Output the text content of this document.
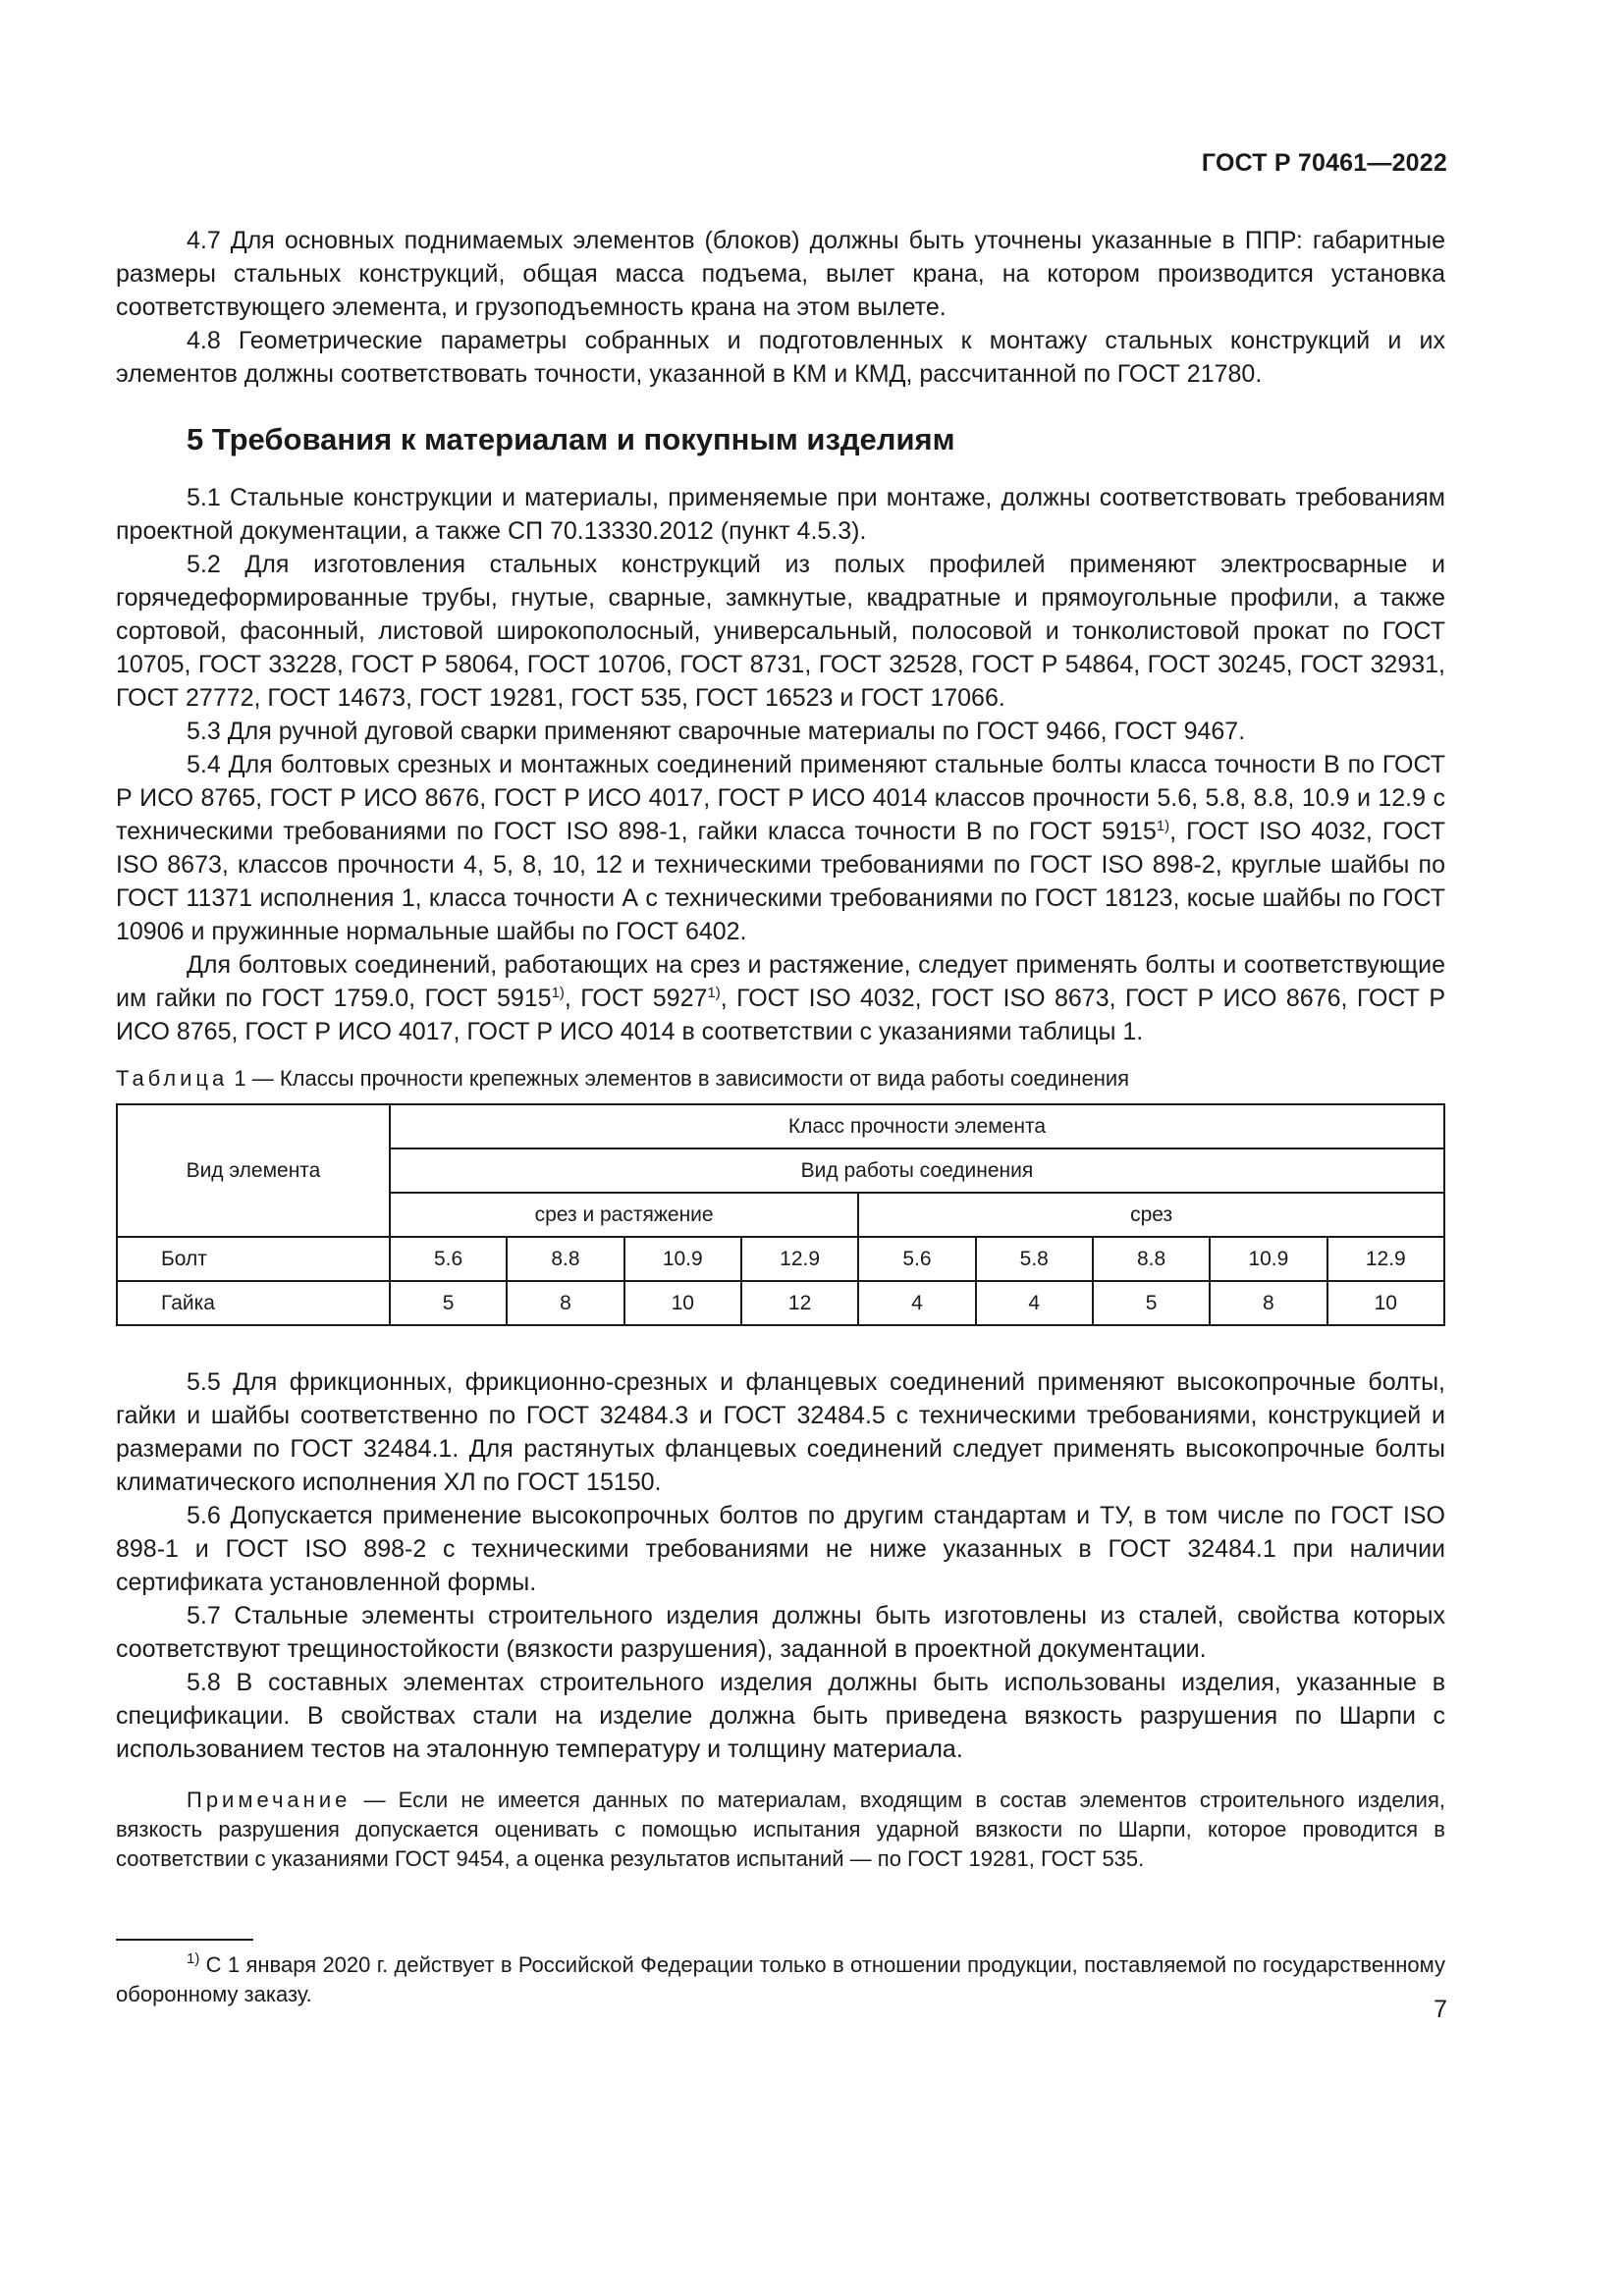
ГОСТ Р 70461—2022

4.7 Для основных поднимаемых элементов (блоков) должны быть уточнены указанные в ППР: габаритные размеры стальных конструкций, общая масса подъема, вылет крана, на котором производится установка соответствующего элемента, и грузоподъемность крана на этом вылете.

4.8 Геометрические параметры собранных и подготовленных к монтажу стальных конструкций и их элементов должны соответствовать точности, указанной в КМ и КМД, рассчитанной по ГОСТ 21780.

5 Требования к материалам и покупным изделиям

5.1 Стальные конструкции и материалы, применяемые при монтаже, должны соответствовать требованиям проектной документации, а также СП 70.13330.2012 (пункт 4.5.3).

5.2 Для изготовления стальных конструкций из полых профилей применяют электросварные и горячедеформированные трубы, гнутые, сварные, замкнутые, квадратные и прямоугольные профили, а также сортовой, фасонный, листовой широкополосный, универсальный, полосовой и тонколистовой прокат по ГОСТ 10705, ГОСТ 33228, ГОСТ Р 58064, ГОСТ 10706, ГОСТ 8731, ГОСТ 32528, ГОСТ Р 54864, ГОСТ 30245, ГОСТ 32931, ГОСТ 27772, ГОСТ 14673, ГОСТ 19281, ГОСТ 535, ГОСТ 16523 и ГОСТ 17066.

5.3 Для ручной дуговой сварки применяют сварочные материалы по ГОСТ 9466, ГОСТ 9467.

5.4 Для болтовых срезных и монтажных соединений применяют стальные болты класса точности В по ГОСТ Р ИСО 8765, ГОСТ Р ИСО 8676, ГОСТ Р ИСО 4017, ГОСТ Р ИСО 4014 классов прочности 5.6, 5.8, 8.8, 10.9 и 12.9 с техническими требованиями по ГОСТ ISO 898-1, гайки класса точности В по ГОСТ 5915$^{1)}$, ГОСТ ISO 4032, ГОСТ ISO 8673, классов прочности 4, 5, 8, 10, 12 и техническими требованиями по ГОСТ ISO 898-2, круглые шайбы по ГОСТ 11371 исполнения 1, класса точности А с техническими требованиями по ГОСТ 18123, косые шайбы по ГОСТ 10906 и пружинные нормальные шайбы по ГОСТ 6402.

Для болтовых соединений, работающих на срез и растяжение, следует применять болты и соответствующие им гайки по ГОСТ 1759.0, ГОСТ 5915$^{1)}$, ГОСТ 5927$^{1)}$, ГОСТ ISO 4032, ГОСТ ISO 8673, ГОСТ Р ИСО 8676, ГОСТ Р ИСО 8765, ГОСТ Р ИСО 4017, ГОСТ Р ИСО 4014 в соответствии с указаниями таблицы 1.

Таблица 1 — Классы прочности крепежных элементов в зависимости от вида работы соединения
Вид элемента	Класс прочности элемента								
	Вид работы соединения								
	срез и растяжение				срез				
Болт	5.6	8.8	10.9	12.9	5.6	5.8	8.8	10.9	12.9
Гайка	5	8	10	12	4	4	5	8	10

5.5 Для фрикционных, фрикционно-срезных и фланцевых соединений применяют высокопрочные болты, гайки и шайбы соответственно по ГОСТ 32484.3 и ГОСТ 32484.5 с техническими требованиями, конструкцией и размерами по ГОСТ 32484.1. Для растянутых фланцевых соединений следует применять высокопрочные болты климатического исполнения ХЛ по ГОСТ 15150.

5.6 Допускается применение высокопрочных болтов по другим стандартам и ТУ, в том числе по ГОСТ ISO 898-1 и ГОСТ ISO 898-2 с техническими требованиями не ниже указанных в ГОСТ 32484.1 при наличии сертификата установленной формы.

5.7 Стальные элементы строительного изделия должны быть изготовлены из сталей, свойства которых соответствуют трещиностойкости (вязкости разрушения), заданной в проектной документации.

5.8 В составных элементах строительного изделия должны быть использованы изделия, указанные в спецификации. В свойствах стали на изделие должна быть приведена вязкость разрушения по Шарпи с использованием тестов на эталонную температуру и толщину материала.

Примечание — Если не имеется данных по материалам, входящим в состав элементов строительного изделия, вязкость разрушения допускается оценивать с помощью испытания ударной вязкости по Шарпи, которое проводится в соответствии с указаниями ГОСТ 9454, а оценка результатов испытаний — по ГОСТ 19281, ГОСТ 535.
$^{1)}$ С 1 января 2020 г. действует в Российской Федерации только в отношении продукции, поставляемой по государственному оборонному заказу.
7
